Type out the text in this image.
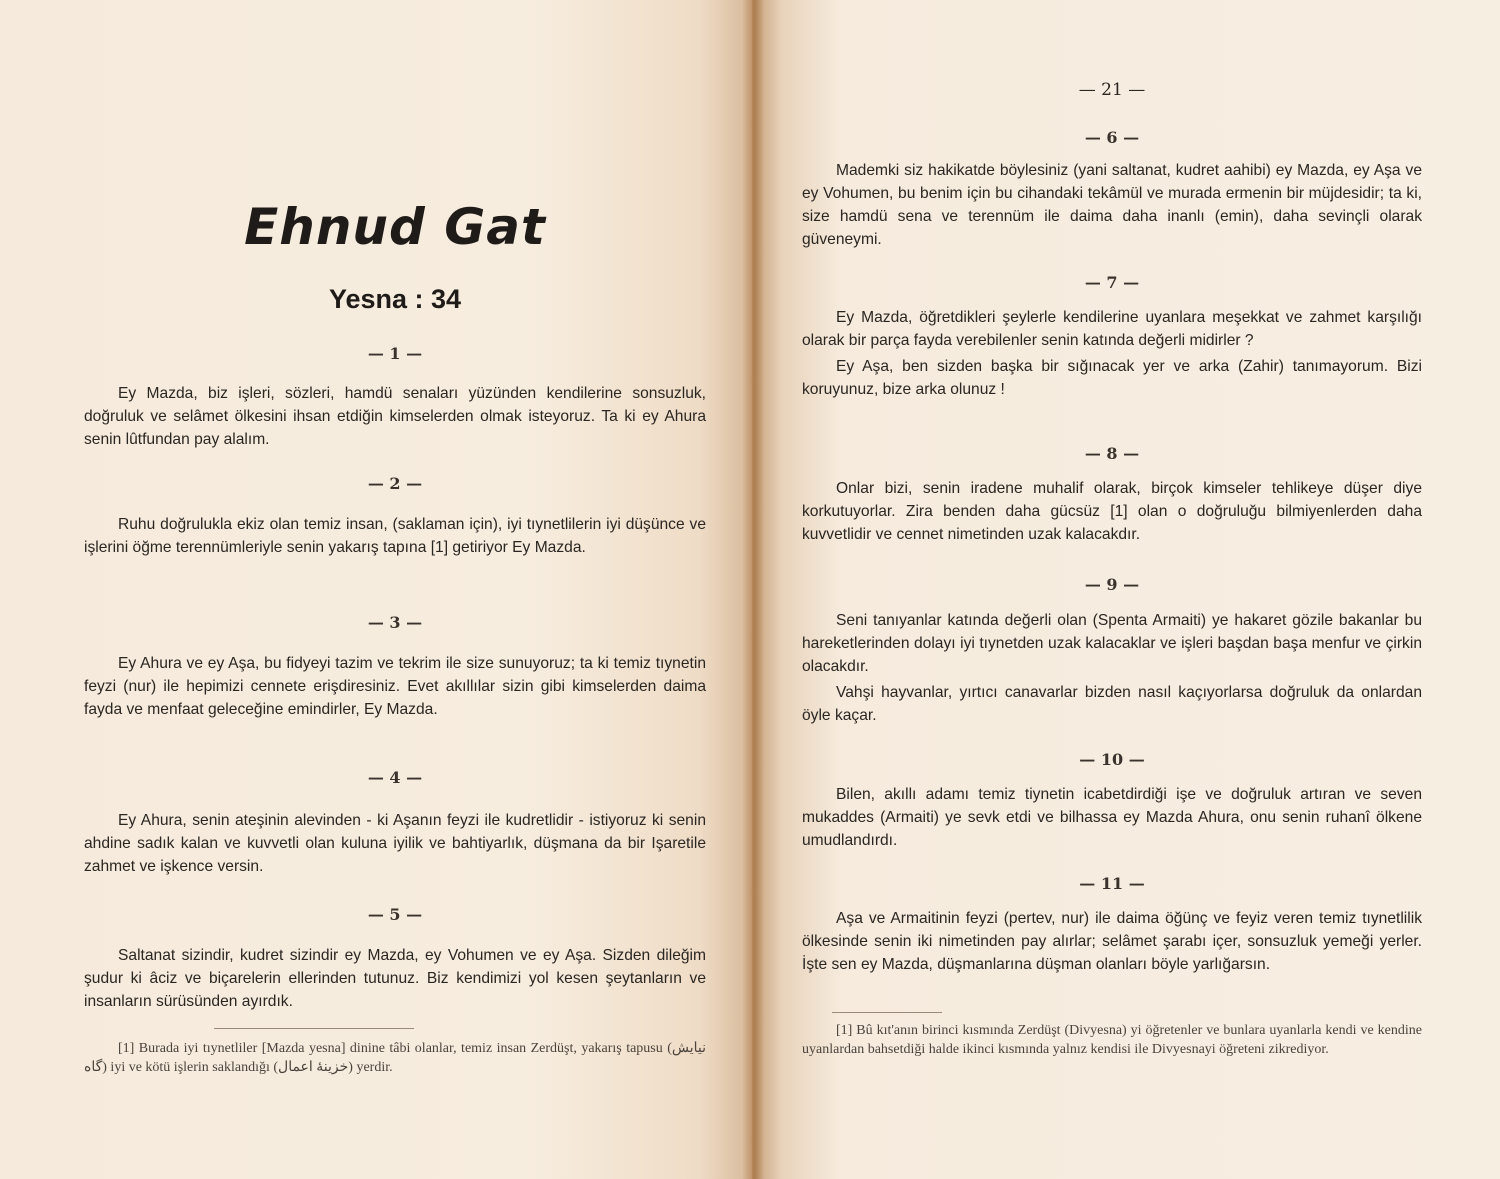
Ehnud Gat
Yesna : 34
— 1 —

Ey Mazda, biz işleri, sözleri, hamdü senaları yüzünden kendilerine sonsuzluk, doğruluk ve selâmet ölkesini ihsan etdiğin kimselerden olmak isteyoruz. Ta ki ey Ahura senin lûtfundan pay alalım.

— 2 —

Ruhu doğrulukla ekiz olan temiz insan, (saklaman için), iyi tıynetlilerin iyi düşünce ve işlerini öğme terennümleriyle senin yakarış tapına [1] getiriyor Ey Mazda.

— 3 —

Ey Ahura ve ey Aşa, bu fidyeyi tazim ve tekrim ile size sunuyoruz; ta ki temiz tıynetin feyzi (nur) ile hepimizi cennete erişdiresiniz. Evet akıllılar sizin gibi kimselerden daima fayda ve menfaat geleceğine emindirler, Ey Mazda.

— 4 —

Ey Ahura, senin ateşinin alevinden - ki Aşanın feyzi ile kudretlidir - istiyoruz ki senin ahdine sadık kalan ve kuvvetli olan kuluna iyilik ve bahtiyarlık, düşmana da bir Işaretile zahmet ve işkence versin.

— 5 —

Saltanat sizindir, kudret sizindir ey Mazda, ey Vohumen ve ey Aşa. Sizden dileğim şudur ki âciz ve biçarelerin ellerinden tutunuz. Biz kendimizi yol kesen şeytanların ve insanların sürüsünden ayırdık.

[1] Burada iyi tıynetliler [Mazda yesna] dinine tâbi olanlar, temiz insan Zerdüşt, yakarış tapusu (نيايش گاه) iyi ve kötü işlerin saklandığı (خزينهٔ اعمال) yerdir.

— 21 —
— 6 —

Mademki siz hakikatde böylesiniz (yani saltanat, kudret aahibi) ey Mazda, ey Aşa ve ey Vohumen, bu benim için bu cihandaki tekâmül ve murada ermenin bir müjdesidir; ta ki, size hamdü sena ve terennüm ile daima daha inanlı (emin), daha sevinçli olarak güveneymi.

— 7 —

Ey Mazda, öğretdikleri şeylerle kendilerine uyanlara meşekkat ve zahmet karşılığı olarak bir parça fayda verebilenler senin katında değerli midirler ?

Ey Aşa, ben sizden başka bir sığınacak yer ve arka (Zahir) tanımayorum. Bizi koruyunuz, bize arka olunuz !

— 8 —

Onlar bizi, senin iradene muhalif olarak, birçok kimseler tehlikeye düşer diye korkutuyorlar. Zira benden daha gücsüz [1] olan o doğruluğu bilmiyenlerden daha kuvvetlidir ve cennet nimetinden uzak kalacakdır.

— 9 —

Seni tanıyanlar katında değerli olan (Spenta Armaiti) ye hakaret gözile bakanlar bu hareketlerinden dolayı iyi tıynetden uzak kalacaklar ve işleri başdan başa menfur ve çirkin olacakdır.

Vahşi hayvanlar, yırtıcı canavarlar bizden nasıl kaçıyorlarsa doğruluk da onlardan öyle kaçar.

— 10 —

Bilen, akıllı adamı temiz tiynetin icabetdirdiği işe ve doğruluk artıran ve seven mukaddes (Armaiti) ye sevk etdi ve bilhassa ey Mazda Ahura, onu senin ruhanî ölkene umudlandırdı.

— 11 —

Aşa ve Armaitinin feyzi (pertev, nur) ile daima öğünç ve feyiz veren temiz tıynetlilik ölkesinde senin iki nimetinden pay alırlar; selâmet şarabı içer, sonsuzluk yemeği yerler. İşte sen ey Mazda, düşmanlarına düşman olanları böyle yarlığarsın.

[1] Bû kıt'anın birinci kısmında Zerdüşt (Divyesna) yi öğretenler ve bunlara uyanlarla kendi ve kendine uyanlardan bahsetdiği halde ikinci kısmında yalnız kendisi ile Divyesnayi öğreteni zikrediyor.
